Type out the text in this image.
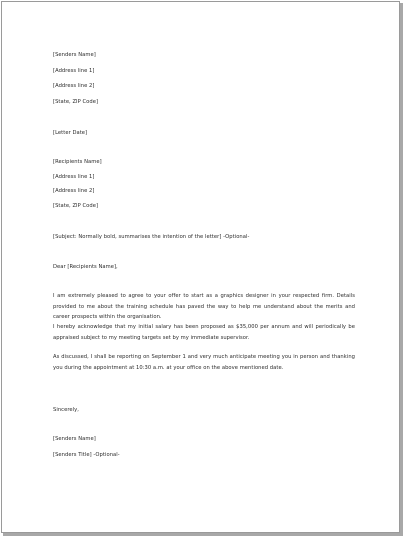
[Senders Name]
[Address line 1]
[Address line 2]
[State, ZIP Code]
[Letter Date]
[Recipients Name]
[Address line 1]
[Address line 2]
[State, ZIP Code]
[Subject: Normally bold, summarises the intention of the letter] -Optional-
Dear [Recipients Name],
I am extremely pleased to agree to your offer to start as a graphics designer in your respected firm. Details provided to me about the training schedule has paved the way to help me understand about the merits and career prospects within the organisation.
I hereby acknowledge that my initial salary has been proposed as $35,000 per annum and will periodically be appraised subject to my meeting targets set by my immediate supervisor.
As discussed, I shall be reporting on September 1 and very much anticipate meeting you in person and thanking you during the appointment at 10:30 a.m. at your office on the above mentioned date.
Sincerely,
[Senders Name]
[Senders Title] -Optional-
